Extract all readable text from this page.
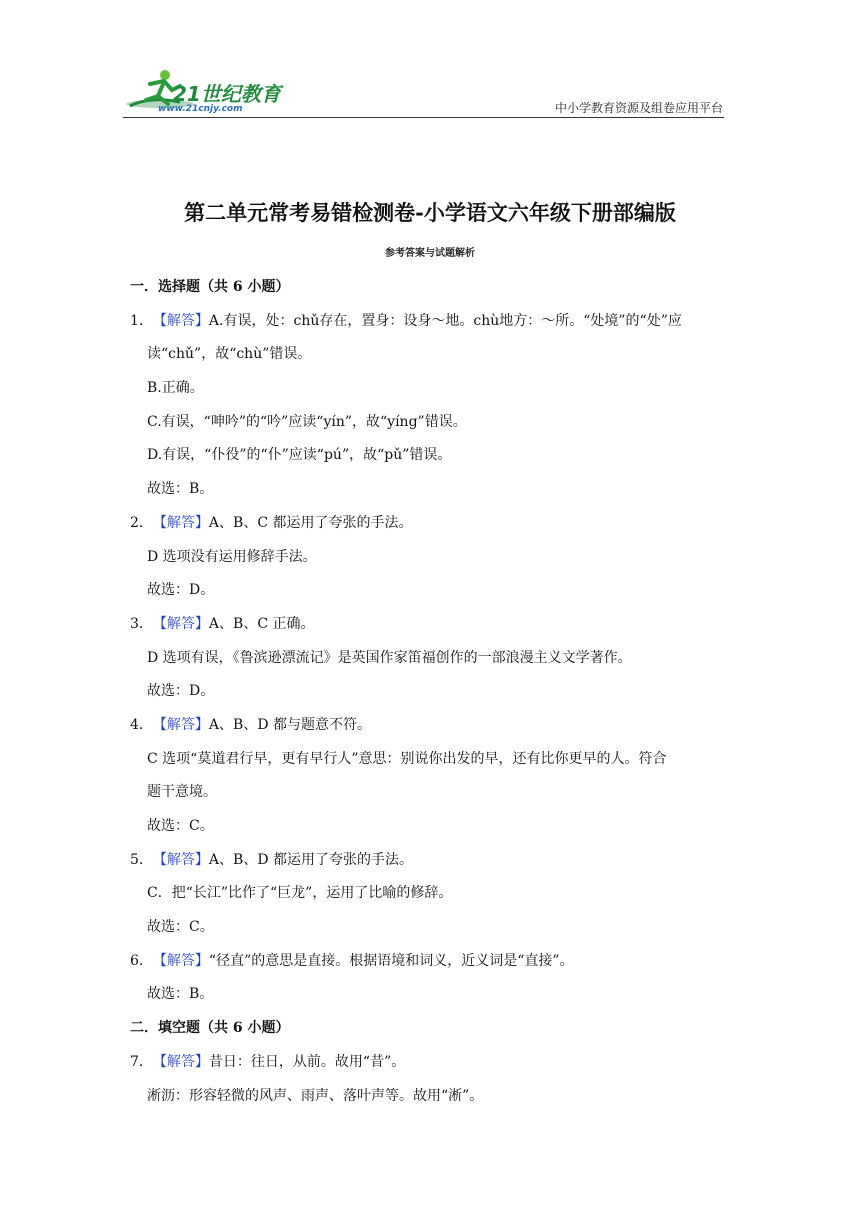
21世纪教育
www.21cnjy.com	中小学教育资源及组卷应用平台
第二单元常考易错检测卷-小学语文六年级下册部编版
参考答案与试题解析
一．选择题（共 6 小题）
1．【解答】A.有误，处：chǔ存在，置身：设身～地。chù地方：～所。“处境”的“处”应
读“chǔ”，故“chù”错误。
B.正确。
C.有误，“呻吟”的“吟”应读“yín”，故“yíng”错误。
D.有误，“仆役”的“仆”应读“pú”，故“pǔ”错误。
故选：B。
2．【解答】A、B、C 都运用了夸张的手法。
D 选项没有运用修辞手法。
故选：D。
3．【解答】A、B、C 正确。
D 选项有误，《鲁滨逊漂流记》是英国作家笛福创作的一部浪漫主义文学著作。
故选：D。
4．【解答】A、B、D 都与题意不符。
C 选项“莫道君行早，更有早行人”意思：别说你出发的早，还有比你更早的人。符合
题干意境。
故选：C。
5．【解答】A、B、D 都运用了夸张的手法。
C．把“长江”比作了“巨龙”，运用了比喻的修辞。
故选：C。
6．【解答】“径直”的意思是直接。根据语境和词义，近义词是“直接”。
故选：B。
二．填空题（共 6 小题）
7．【解答】昔日：往日，从前。故用“昔”。
淅沥：形容轻微的风声、雨声、落叶声等。故用“淅”。
